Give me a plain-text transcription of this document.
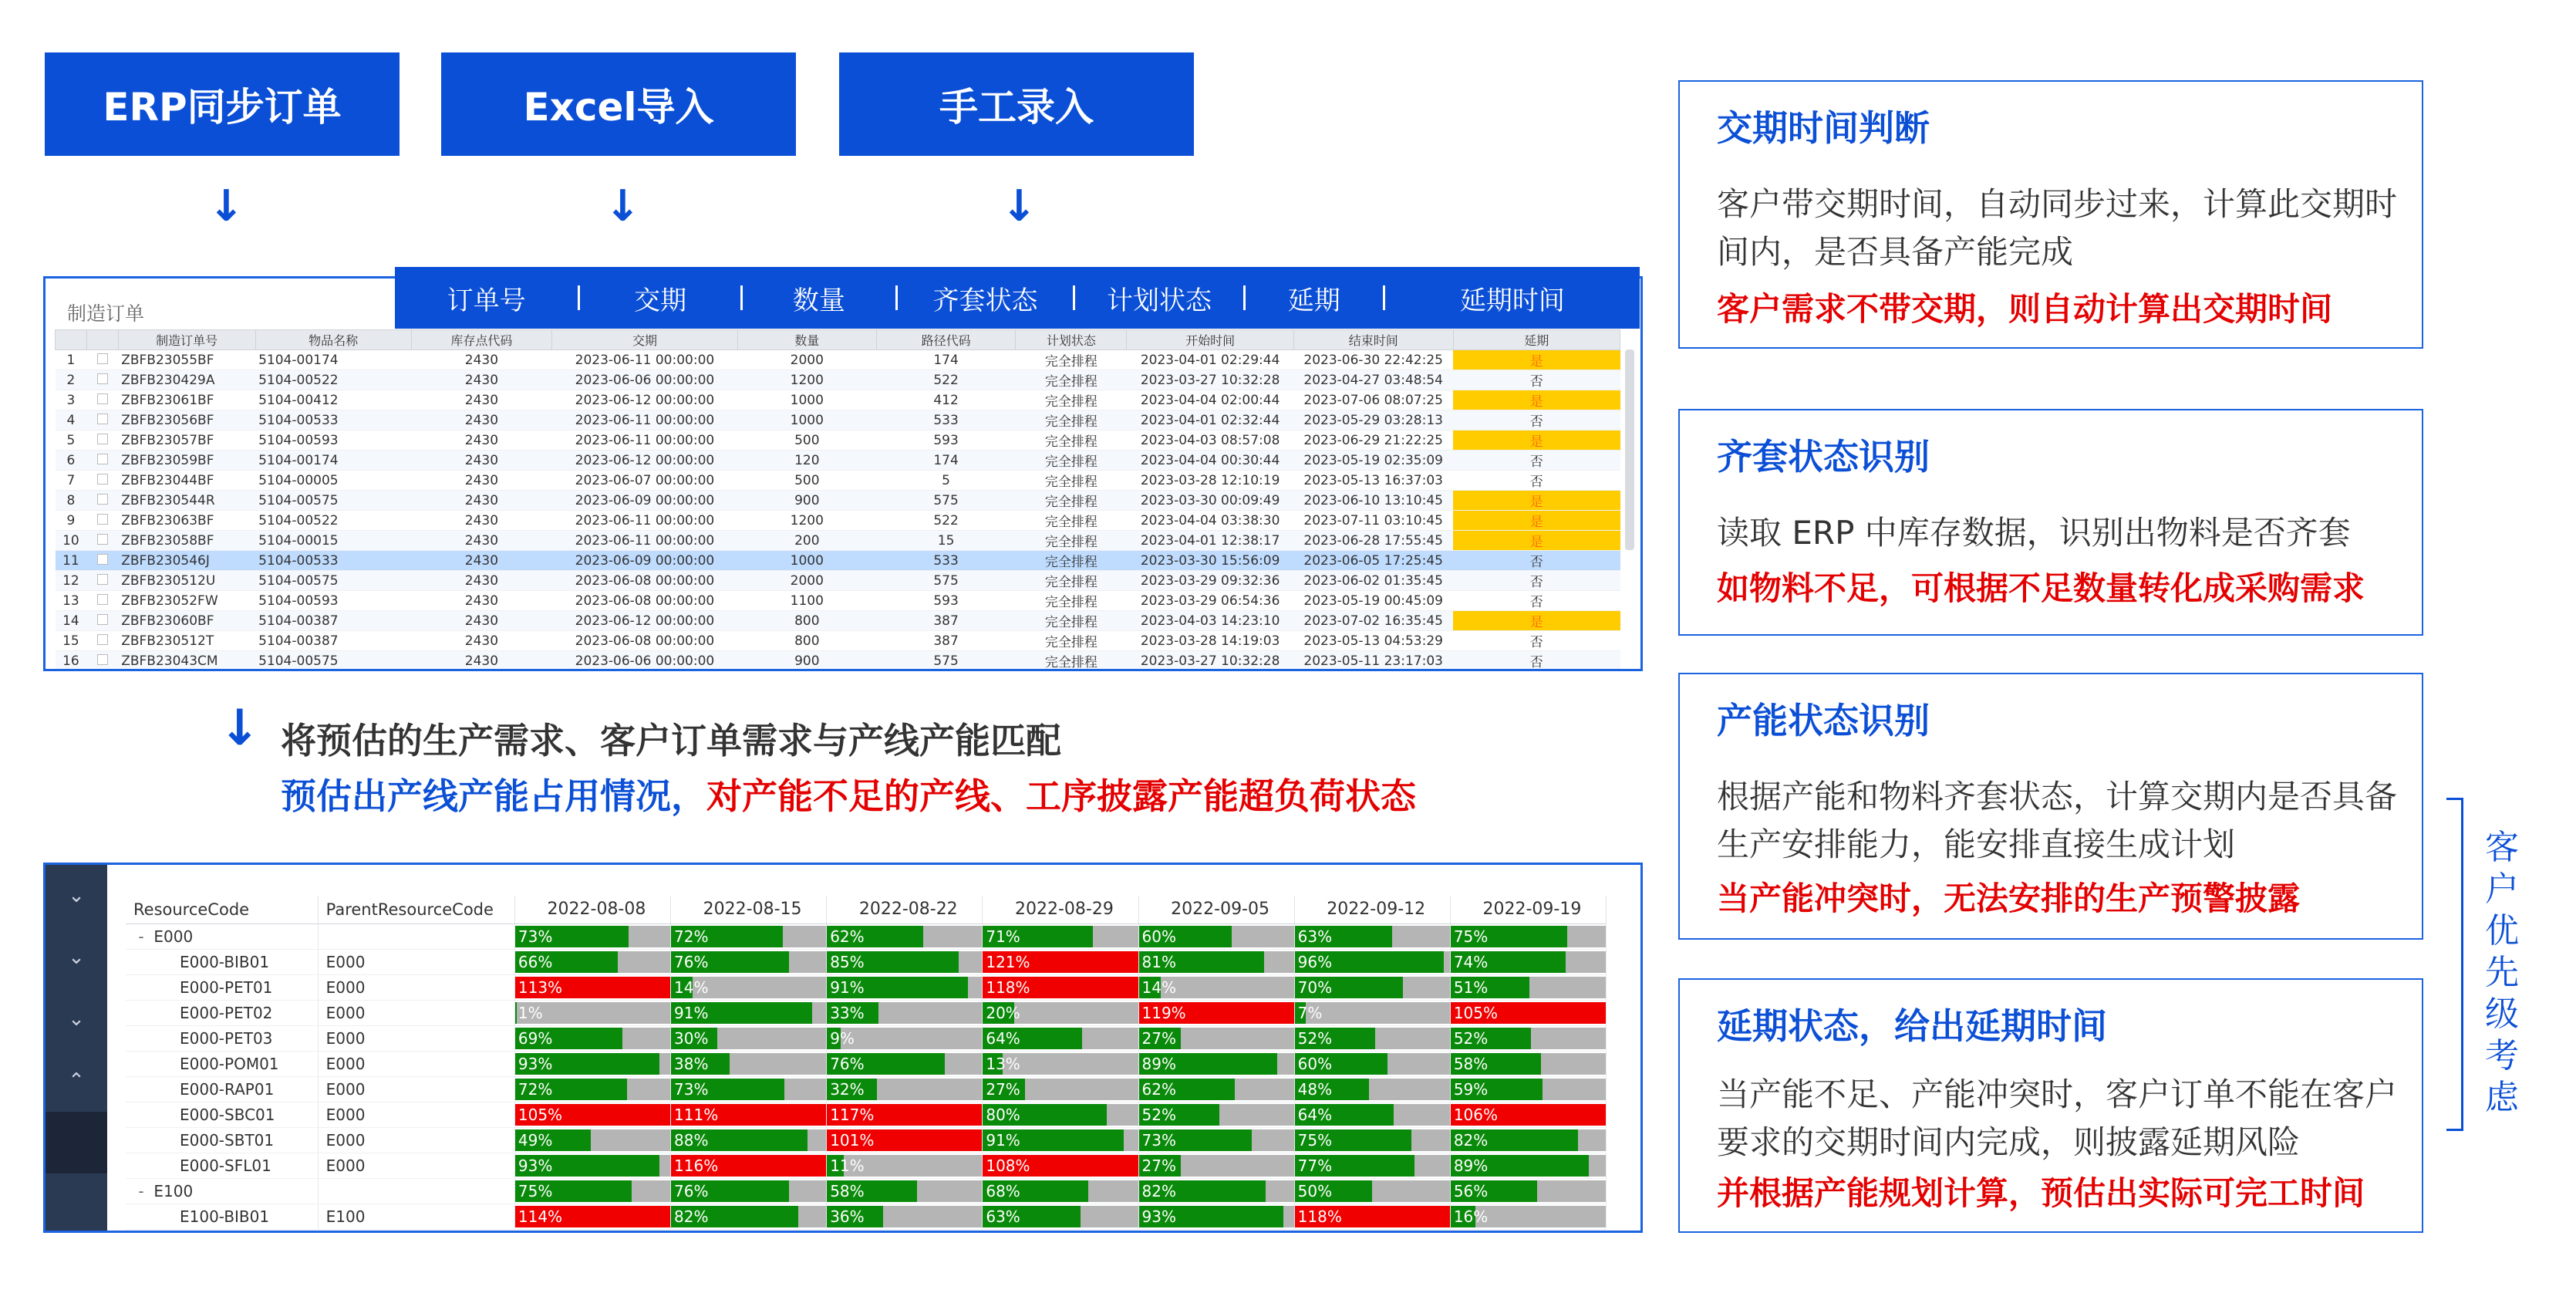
ERP同步订单	Excel导入	手工录入
↓	↓	↓
制造订单
		制造订单号	物品名称	库存点代码	交期	数量	路径代码	计划状态	开始时间	结束时间	延期
1		ZBFB23055BF	5104-00174	2430	2023-06-11 00:00:00	2000	174	完全排程	2023-04-01 02:29:44	2023-06-30 22:42:25	是
2		ZBFB230429A	5104-00522	2430	2023-06-06 00:00:00	1200	522	完全排程	2023-03-27 10:32:28	2023-04-27 03:48:54	否
3		ZBFB23061BF	5104-00412	2430	2023-06-12 00:00:00	1000	412	完全排程	2023-04-04 02:00:44	2023-07-06 08:07:25	是
4		ZBFB23056BF	5104-00533	2430	2023-06-11 00:00:00	1000	533	完全排程	2023-04-01 02:32:44	2023-05-29 03:28:13	否
5		ZBFB23057BF	5104-00593	2430	2023-06-11 00:00:00	500	593	完全排程	2023-04-03 08:57:08	2023-06-29 21:22:25	是
6		ZBFB23059BF	5104-00174	2430	2023-06-12 00:00:00	120	174	完全排程	2023-04-04 00:30:44	2023-05-19 02:35:09	否
7		ZBFB23044BF	5104-00005	2430	2023-06-07 00:00:00	500	5	完全排程	2023-03-28 12:10:19	2023-05-13 16:37:03	否
8		ZBFB230544R	5104-00575	2430	2023-06-09 00:00:00	900	575	完全排程	2023-03-30 00:09:49	2023-06-10 13:10:45	是
9		ZBFB23063BF	5104-00522	2430	2023-06-11 00:00:00	1200	522	完全排程	2023-04-04 03:38:30	2023-07-11 03:10:45	是
10		ZBFB23058BF	5104-00015	2430	2023-06-11 00:00:00	200	15	完全排程	2023-04-01 12:38:17	2023-06-28 17:55:45	是
11		ZBFB230546J	5104-00533	2430	2023-06-09 00:00:00	1000	533	完全排程	2023-03-30 15:56:09	2023-06-05 17:25:45	否
12		ZBFB230512U	5104-00575	2430	2023-06-08 00:00:00	2000	575	完全排程	2023-03-29 09:32:36	2023-06-02 01:35:45	否
13		ZBFB23052FW	5104-00593	2430	2023-06-08 00:00:00	1100	593	完全排程	2023-03-29 06:54:36	2023-05-19 00:45:09	否
14		ZBFB23060BF	5104-00387	2430	2023-06-12 00:00:00	800	387	完全排程	2023-04-03 14:23:10	2023-07-02 16:35:45	是
15		ZBFB230512T	5104-00387	2430	2023-06-08 00:00:00	800	387	完全排程	2023-03-28 14:19:03	2023-05-13 04:53:29	否
16		ZBFB23043CM	5104-00575	2430	2023-06-06 00:00:00	900	575	完全排程	2023-03-27 10:32:28	2023-05-11 23:17:03	否
订单号	交期	数量	齐套状态	计划状态	延期	延期时间
↓ 将预估的生产需求、客户订单需求与产线产能匹配
预估出产线产能占用情况，对产能不足的产线、工序披露产能超负荷状态
⌄
⌄
⌄
⌃
ResourceCode	ParentResourceCode	2022-08-08	2022-08-15	2022-08-22	2022-08-29	2022-09-05	2022-09-12	2022-09-19
- E000		73%	72%	62%	71%	60%	63%	75%

E000-BIB01	E000	66%	76%	85%	121%	81%	96%	74%

E000-PET01	E000	113%	14%	91%	118%	14%	70%	51%

E000-PET02	E000	1%	91%	33%	20%	119%	7%	105%

E000-PET03	E000	69%	30%	9%	64%	27%	52%	52%

E000-POM01	E000	93%	38%	76%	13%	89%	60%	58%

E000-RAP01	E000	72%	73%	32%	27%	62%	48%	59%

E000-SBC01	E000	105%	111%	117%	80%	52%	64%	106%

E000-SBT01	E000	49%	88%	101%	91%	73%	75%	82%

E000-SFL01	E000	93%	116%	11%	108%	27%	77%	89%

- E100		75%	76%	58%	68%	82%	50%	56%

E100-BIB01	E100	114%	82%	36%	63%	93%	118%	16%
交期时间判断
客户带交期时间，自动同步过来，计算此交期时间内，是否具备产能完成
客户需求不带交期，则自动计算出交期时间
齐套状态识别
读取 ERP 中库存数据，识别出物料是否齐套
如物料不足，可根据不足数量转化成采购需求
产能状态识别
根据产能和物料齐套状态，计算交期内是否具备生产安排能力，能安排直接生成计划
当产能冲突时，无法安排的生产预警披露
延期状态，给出延期时间
当产能不足、产能冲突时，客户订单不能在客户要求的交期时间内完成，则披露延期风险
并根据产能规划计算，预估出实际可完工时间
客户优先级考虑
